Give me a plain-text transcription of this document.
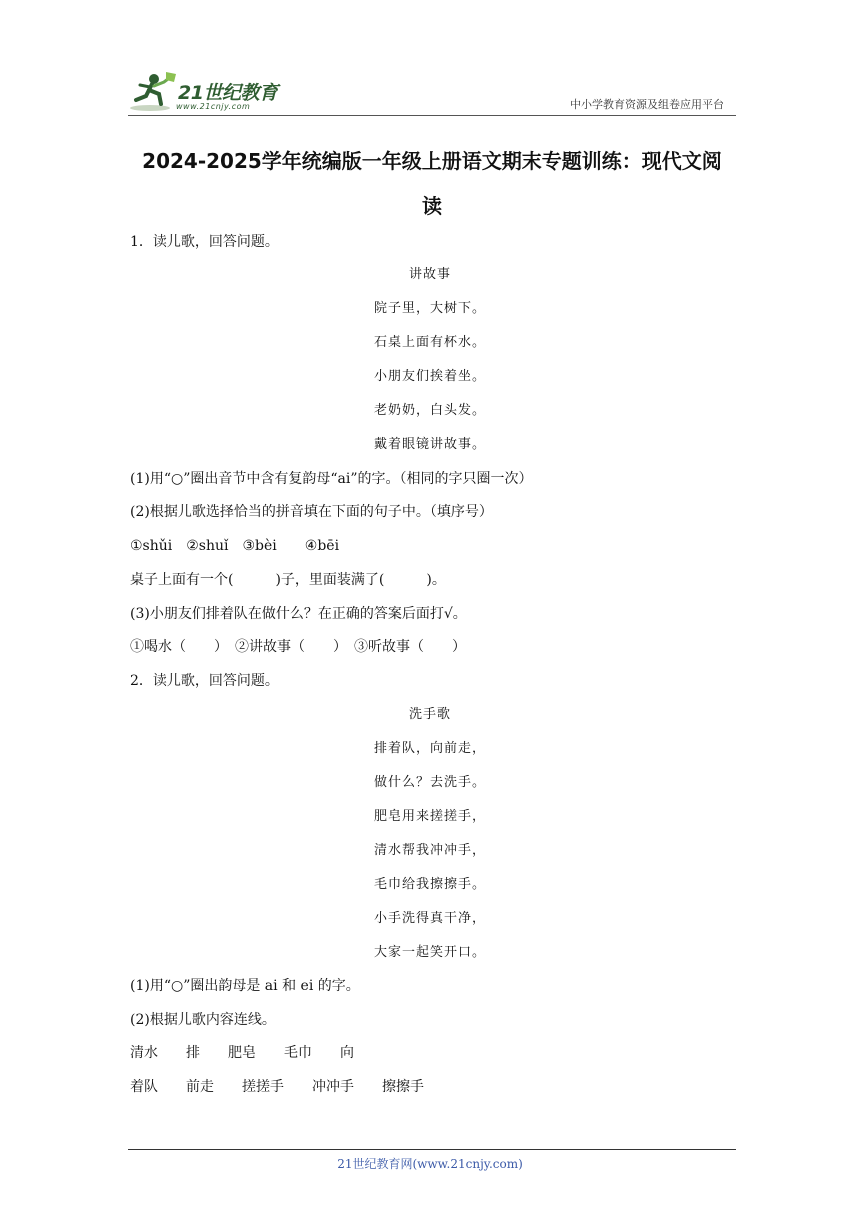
21世纪教育
www.21cnjy.com	中小学教育资源及组卷应用平台
2024-2025学年统编版一年级上册语文期末专题训练：现代文阅
读
1．读儿歌，回答问题。
讲故事
院子里，大树下。
石桌上面有杯水。
小朋友们挨着坐。
老奶奶，白头发。
戴着眼镜讲故事。
(1)用“○”圈出音节中含有复韵母“ai”的字。（相同的字只圈一次）
(2)根据儿歌选择恰当的拼音填在下面的句子中。（填序号）
①shǔi　②shuǐ　③bèi　　④bēi
桌子上面有一个(　　　)子，里面装满了(　　　)。
(3)小朋友们排着队在做什么？在正确的答案后面打√。
①喝水（　　）　②讲故事（　　）　③听故事（　　）
2．读儿歌，回答问题。
洗手歌
排着队，向前走，
做什么？去洗手。
肥皂用来搓搓手，
清水帮我冲冲手，
毛巾给我擦擦手。
小手洗得真干净，
大家一起笑开口。
(1)用“○”圈出韵母是 ai 和 ei 的字。
(2)根据儿歌内容连线。
清水　　排　　肥皂　　毛巾　　向
着队　　前走　　搓搓手　　冲冲手　　擦擦手
21世纪教育网(www.21cnjy.com)
